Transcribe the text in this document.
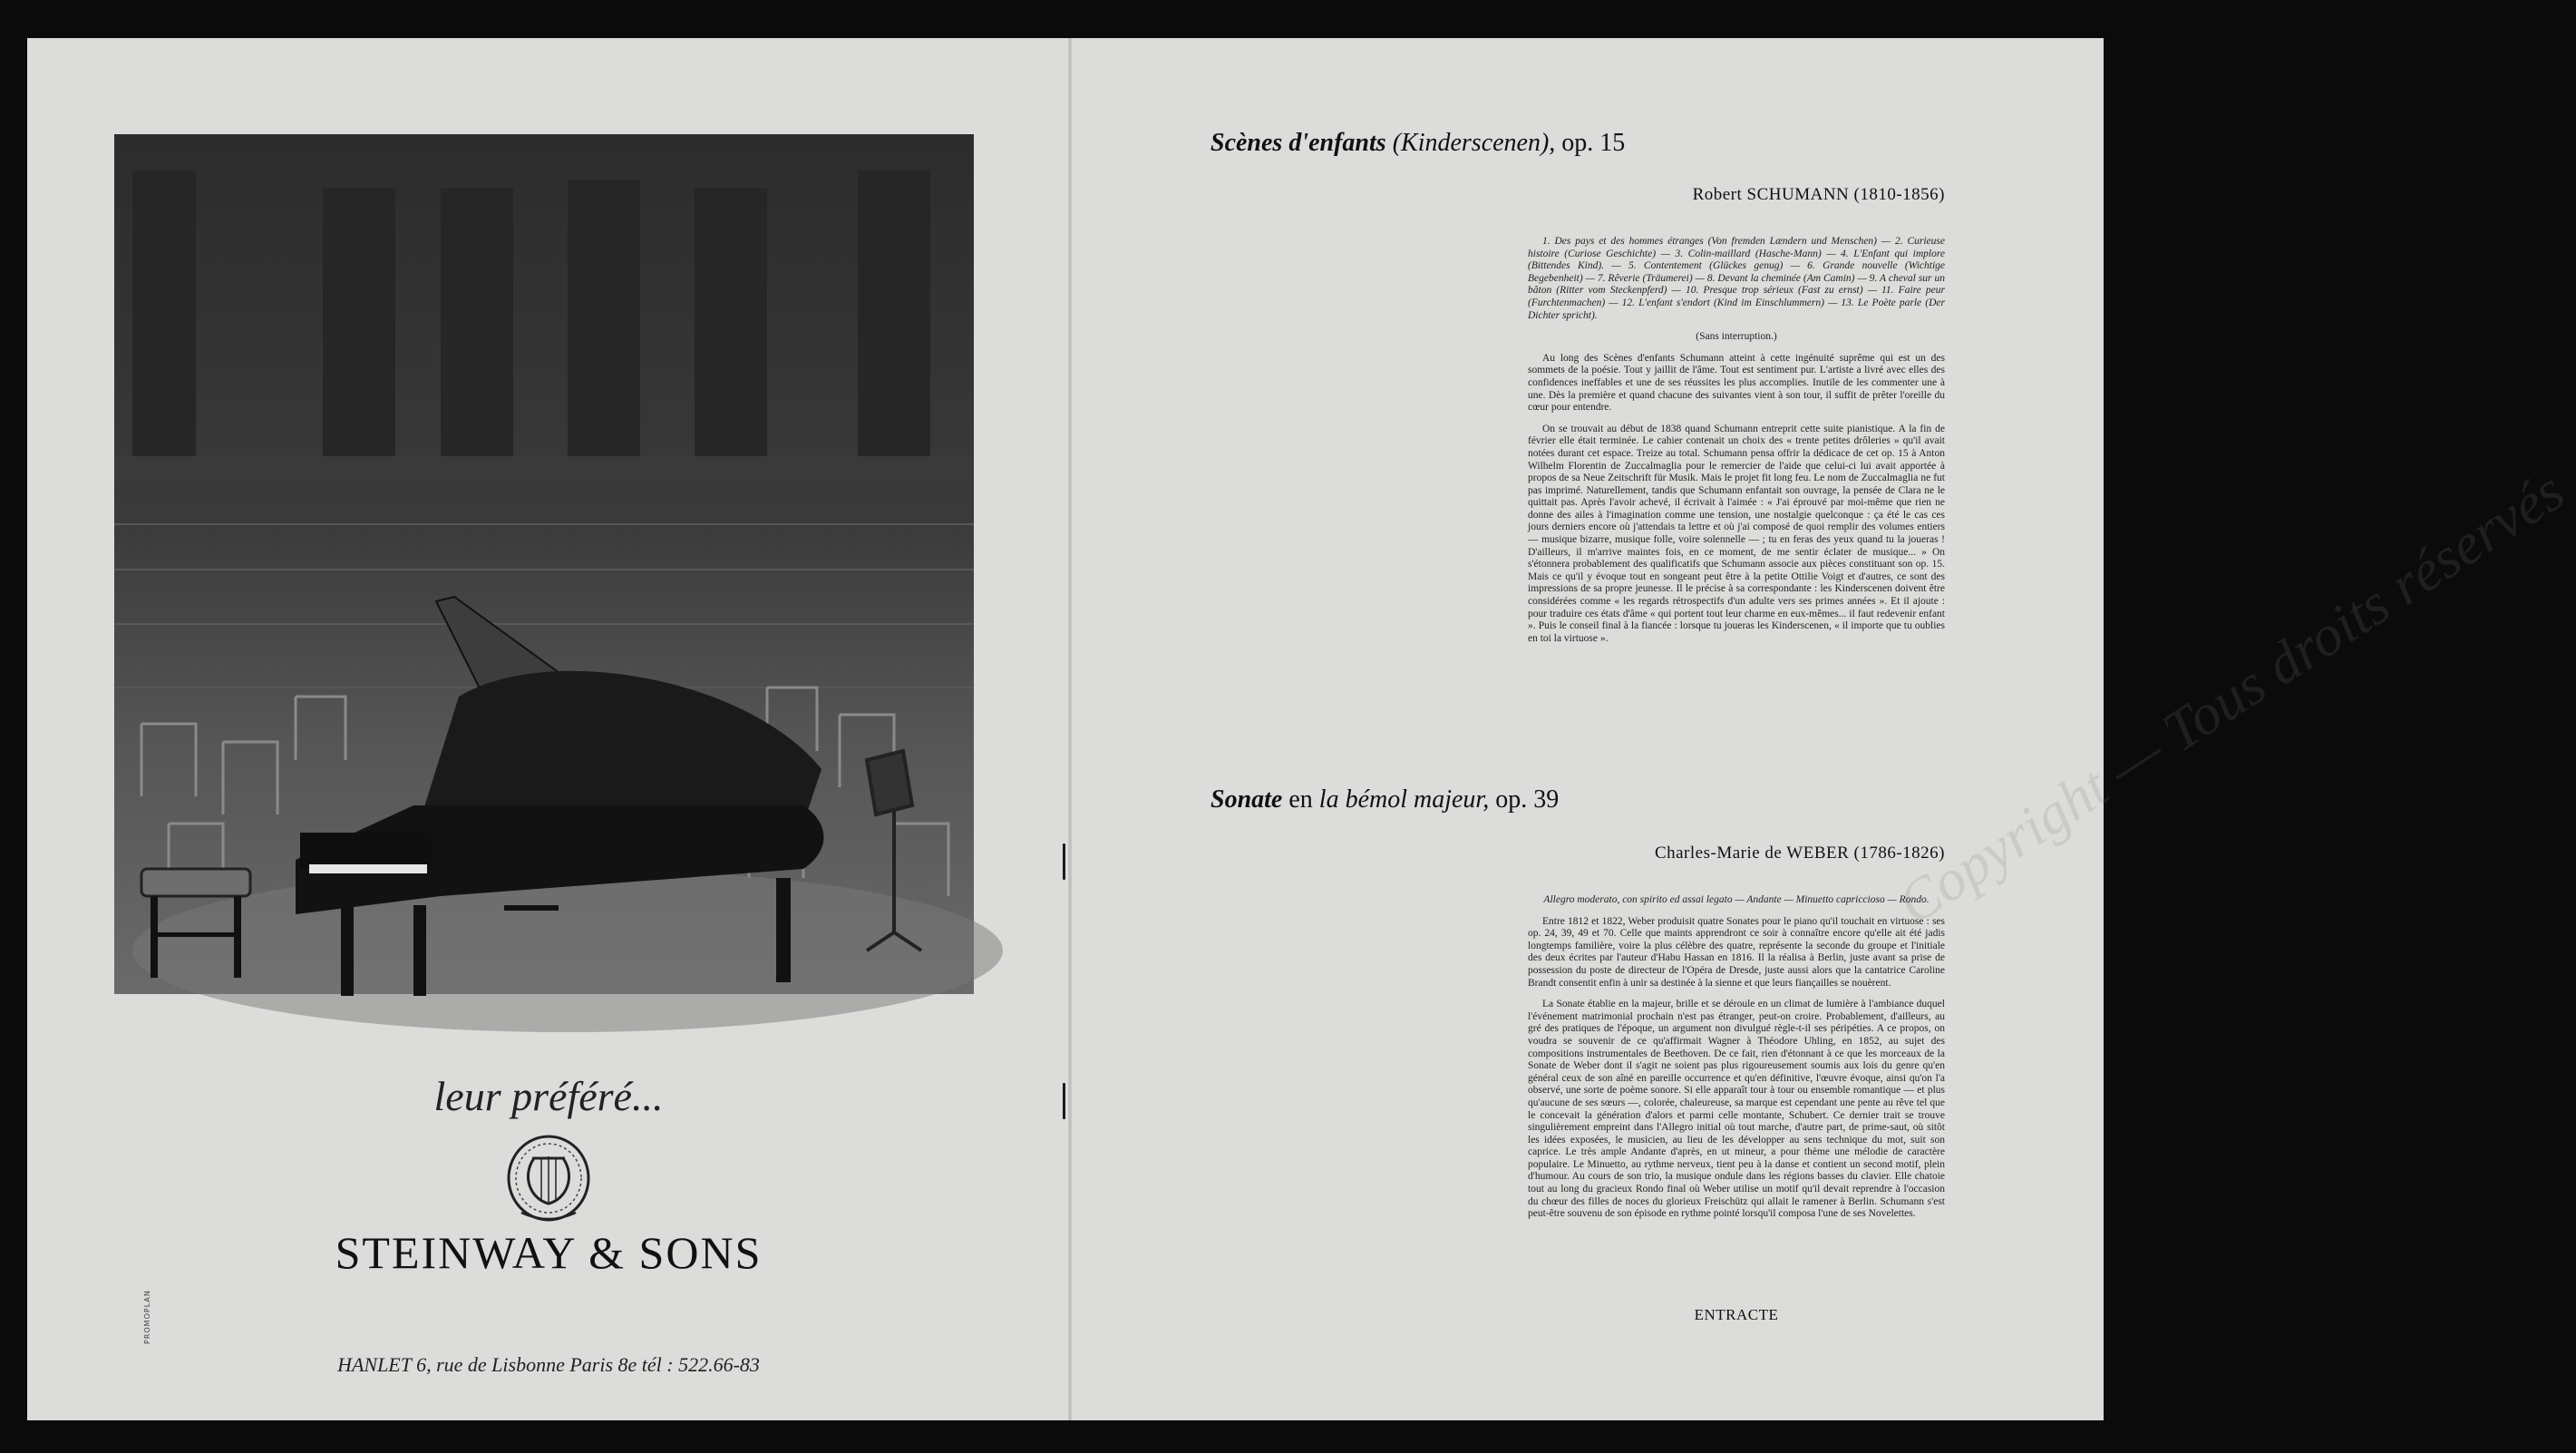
leur préféré...
STEINWAY & SONS
HANLET 6, rue de Lisbonne Paris 8e tél : 522.66-83
PROMOPLAN
Copyright — Tous droits réservés
Scènes d'enfants (Kinderscenen), op. 15
Robert SCHUMANN (1810-1856)

1. Des pays et des hommes étranges (Von fremden Lændern und Menschen) — 2. Curieuse histoire (Curiose Geschichte) — 3. Colin-maillard (Hasche-Mann) — 4. L'Enfant qui implore (Bittendes Kind). — 5. Contentement (Glückes genug) — 6. Grande nouvelle (Wichtige Begebenheit) — 7. Rêverie (Träumerei) — 8. Devant la cheminée (Am Camin) — 9. A cheval sur un bâton (Ritter vom Steckenpferd) — 10. Presque trop sérieux (Fast zu ernst) — 11. Faire peur (Furchtenmachen) — 12. L'enfant s'endort (Kind im Einschlummern) — 13. Le Poète parle (Der Dichter spricht).

(Sans interruption.)

Au long des Scènes d'enfants Schumann atteint à cette ingénuité suprême qui est un des sommets de la poésie. Tout y jaillit de l'âme. Tout est sentiment pur. L'artiste a livré avec elles des confidences ineffables et une de ses réussites les plus accomplies. Inutile de les commenter une à une. Dès la première et quand chacune des suivantes vient à son tour, il suffit de prêter l'oreille du cœur pour entendre.

On se trouvait au début de 1838 quand Schumann entreprit cette suite pianistique. A la fin de février elle était terminée. Le cahier contenait un choix des « trente petites drôleries » qu'il avait notées durant cet espace. Treize au total. Schumann pensa offrir la dédicace de cet op. 15 à Anton Wilhelm Florentin de Zuccalmaglia pour le remercier de l'aide que celui-ci lui avait apportée à propos de sa Neue Zeitschrift für Musik. Mais le projet fit long feu. Le nom de Zuccalmaglia ne fut pas imprimé. Naturellement, tandis que Schumann enfantait son ouvrage, la pensée de Clara ne le quittait pas. Après l'avoir achevé, il écrivait à l'aimée : « J'ai éprouvé par moi-même que rien ne donne des ailes à l'imagination comme une tension, une nostalgie quelconque : ça été le cas ces jours derniers encore où j'attendais ta lettre et où j'ai composé de quoi remplir des volumes entiers — musique bizarre, musique folle, voire solennelle — ; tu en feras des yeux quand tu la joueras ! D'ailleurs, il m'arrive maintes fois, en ce moment, de me sentir éclater de musique... » On s'étonnera probablement des qualificatifs que Schumann associe aux pièces constituant son op. 15. Mais ce qu'il y évoque tout en songeant peut être à la petite Ottilie Voigt et d'autres, ce sont des impressions de sa propre jeunesse. Il le précise à sa correspondante : les Kinderscenen doivent être considérées comme « les regards rétrospectifs d'un adulte vers ses primes années ». Et il ajoute : pour traduire ces états d'âme « qui portent tout leur charme en eux-mêmes... il faut redevenir enfant ». Puis le conseil final à la fiancée : lorsque tu joueras les Kinderscenen, « il importe que tu oublies en toi la virtuose ».

Sonate en la bémol majeur, op. 39
Charles-Marie de WEBER (1786-1826)

Allegro moderato, con spirito ed assai legato — Andante — Minuetto capriccioso — Rondo.

Entre 1812 et 1822, Weber produisit quatre Sonates pour le piano qu'il touchait en virtuose : ses op. 24, 39, 49 et 70. Celle que maints apprendront ce soir à connaître encore qu'elle ait été jadis longtemps familière, voire la plus célèbre des quatre, représente la seconde du groupe et l'initiale des deux écrites par l'auteur d'Habu Hassan en 1816. Il la réalisa à Berlin, juste avant sa prise de possession du poste de directeur de l'Opéra de Dresde, juste aussi alors que la cantatrice Caroline Brandt consentit enfin à unir sa destinée à la sienne et que leurs fiançailles se nouèrent.

La Sonate établie en la majeur, brille et se déroule en un climat de lumière à l'ambiance duquel l'événement matrimonial prochain n'est pas étranger, peut-on croire. Probablement, d'ailleurs, au gré des pratiques de l'époque, un argument non divulgué règle-t-il ses péripéties. A ce propos, on voudra se souvenir de ce qu'affirmait Wagner à Théodore Uhling, en 1852, au sujet des compositions instrumentales de Beethoven. De ce fait, rien d'étonnant à ce que les morceaux de la Sonate de Weber dont il s'agit ne soient pas plus rigoureusement soumis aux lois du genre qu'en général ceux de son aîné en pareille occurrence et qu'en définitive, l'œuvre évoque, ainsi qu'on l'a observé, une sorte de poème sonore. Si elle apparaît tour à tour ou ensemble romantique — et plus qu'aucune de ses sœurs —, colorée, chaleureuse, sa marque est cependant une pente au rêve tel que le concevait la génération d'alors et parmi celle montante, Schubert. Ce dernier trait se trouve singulièrement empreint dans l'Allegro initial où tout marche, d'autre part, de prime-saut, où sitôt les idées exposées, le musicien, au lieu de les développer au sens technique du mot, suit son caprice. Le très ample Andante d'après, en ut mineur, a pour thème une mélodie de caractère populaire. Le Minuetto, au rythme nerveux, tient peu à la danse et contient un second motif, plein d'humour. Au cours de son trio, la musique ondule dans les régions basses du clavier. Elle chatoie tout au long du gracieux Rondo final où Weber utilise un motif qu'il devait reprendre à l'occasion du chœur des filles de noces du glorieux Freischütz qui allait le ramener à Berlin. Schumann s'est peut-être souvenu de son épisode en rythme pointé lorsqu'il composa l'une de ses Novelettes.

ENTRACTE
